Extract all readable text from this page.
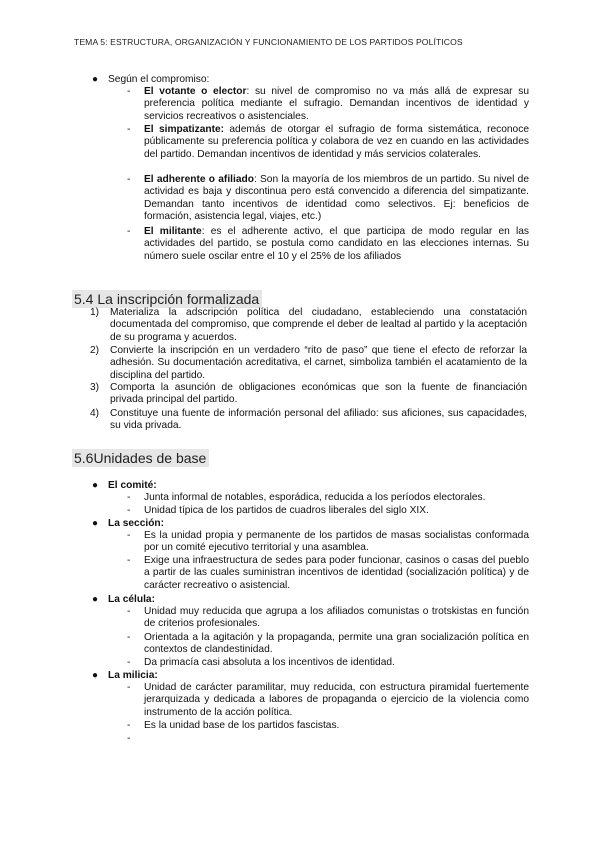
TEMA 5: ESTRUCTURA, ORGANIZACIÓN Y FUNCIONAMIENTO DE LOS PARTIDOS POLÍTICOS
● Según el compromiso:
- El votante o elector: su nivel de compromiso no va más allá de expresar su preferencia política mediante el sufragio. Demandan incentivos de identidad y servicios recreativos o asistenciales.
- El simpatizante: además de otorgar el sufragio de forma sistemática, reconoce públicamente su preferencia política y colabora de vez en cuando en las actividades del partido. Demandan incentivos de identidad y más servicios colaterales.
- El adherente o afiliado: Son la mayoría de los miembros de un partido. Su nivel de actividad es baja y discontinua pero está convencido a diferencia del simpatizante. Demandan tanto incentivos de identidad como selectivos. Ej: beneficios de formación, asistencia legal, viajes, etc.)
- El militante: es el adherente activo, el que participa de modo regular en las actividades del partido, se postula como candidato en las elecciones internas. Su número suele oscilar entre el 10 y el 25% de los afiliados
5.4 La inscripción formalizada
1) Materializa la adscripción política del ciudadano, estableciendo una constatación documentada del compromiso, que comprende el deber de lealtad al partido y la aceptación de su programa y acuerdos.
2) Convierte la inscripción en un verdadero “rito de paso” que tiene el efecto de reforzar la adhesión. Su documentación acreditativa, el carnet, simboliza también el acatamiento de la disciplina del partido.
3) Comporta la asunción de obligaciones económicas que son la fuente de financiación privada principal del partido.
4) Constituye una fuente de información personal del afiliado: sus aficiones, sus capacidades, su vida privada.
5.6Unidades de base
● El comité:
- Junta informal de notables, esporádica, reducida a los períodos electorales.
- Unidad típica de los partidos de cuadros liberales del siglo XIX.
● La sección:
- Es la unidad propia y permanente de los partidos de masas socialistas conformada por un comité ejecutivo territorial y una asamblea.
- Exige una infraestructura de sedes para poder funcionar, casinos o casas del pueblo a partir de las cuales suministran incentivos de identidad (socialización política) y de carácter recreativo o asistencial.
● La célula:
- Unidad muy reducida que agrupa a los afiliados comunistas o trotskistas en función de criterios profesionales.
- Orientada a la agitación y la propaganda, permite una gran socialización política en contextos de clandestinidad.
- Da primacía casi absoluta a los incentivos de identidad.
● La milicia:
- Unidad de carácter paramilitar, muy reducida, con estructura piramidal fuertemente jerarquizada y dedicada a labores de propaganda o ejercicio de la violencia como instrumento de la acción política.
- Es la unidad base de los partidos fascistas.
-
